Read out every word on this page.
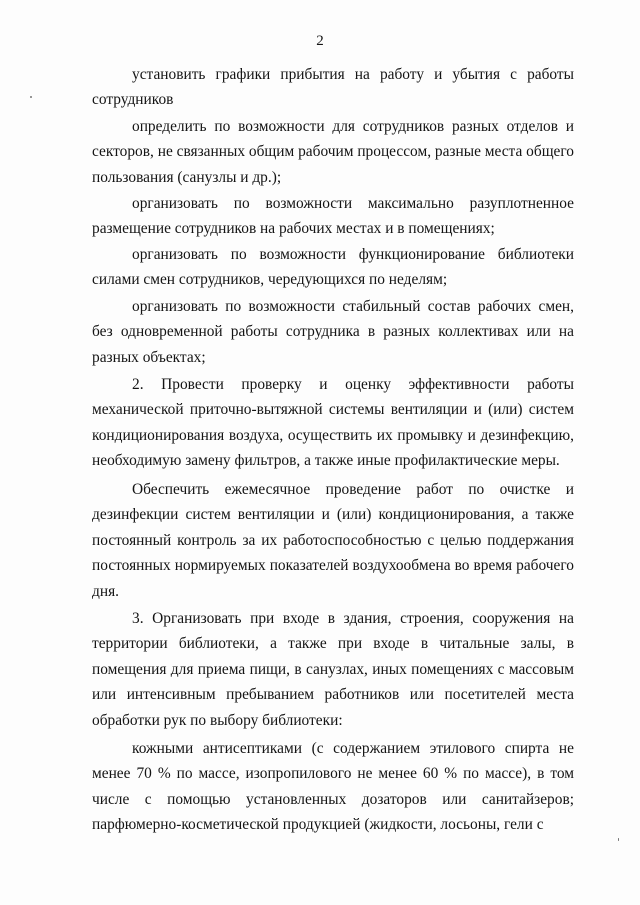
2

установить графики прибытия на работу и убытия с работы сотрудников

определить по возможности для сотрудников разных отделов и секторов, не связанных общим рабочим процессом, разные места общего пользования (санузлы и др.);

организовать по возможности максимально разуплотненное размещение сотрудников на рабочих местах и в помещениях;

организовать по возможности функционирование библиотеки силами смен сотрудников, чередующихся по неделям;

организовать по возможности стабильный состав рабочих смен, без одновременной работы сотрудника в разных коллективах или на разных объектах;

2. Провести проверку и оценку эффективности работы механической приточно-вытяжной системы вентиляции и (или) систем кондиционирования воздуха, осуществить их промывку и дезинфекцию, необходимую замену фильтров, а также иные профилактические меры.

Обеспечить ежемесячное проведение работ по очистке и дезинфекции систем вентиляции и (или) кондиционирования, а также постоянный контроль за их работоспособностью с целью поддержания постоянных нормируемых показателей воздухообмена во время рабочего дня.

3. Организовать при входе в здания, строения, сооружения на территории библиотеки, а также при входе в читальные залы, в помещения для приема пищи, в санузлах, иных помещениях с массовым или интенсивным пребыванием работников или посетителей места обработки рук по выбору библиотеки:

кожными антисептиками (с содержанием этилового спирта не менее 70 % по массе, изопропилового не менее 60 % по массе), в том числе с помощью установленных дозаторов или санитайзеров; парфюмерно-косметической продукцией (жидкости, лосьоны, гели с
